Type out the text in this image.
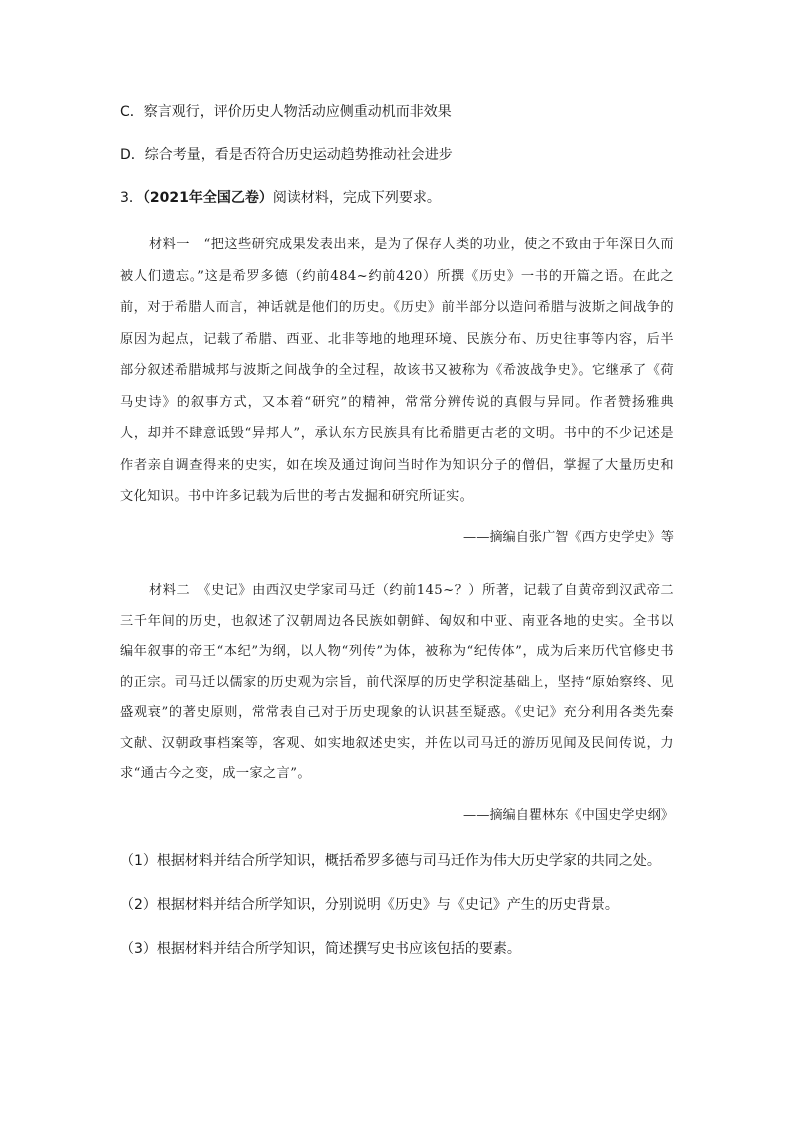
C．察言观行，评价历史人物活动应侧重动机而非效果
D．综合考量，看是否符合历史运动趋势推动社会进步
3．（2021年全国乙卷）阅读材料，完成下列要求。
材料一　“把这些研究成果发表出来，是为了保存人类的功业，使之不致由于年深日久而被人们遗忘。”这是希罗多德（约前484~约前420）所撰《历史》一书的开篇之语。在此之前，对于希腊人而言，神话就是他们的历史。《历史》前半部分以造问希腊与波斯之间战争的原因为起点，记载了希腊、西亚、北非等地的地理环境、民族分布、历史往事等内容，后半部分叙述希腊城邦与波斯之间战争的全过程，故该书又被称为《希波战争史》。它继承了《荷马史诗》的叙事方式，又本着“研究”的精神，常常分辨传说的真假与异同。作者赞扬雅典人，却并不肆意诋毁“异邦人”，承认东方民族具有比希腊更古老的文明。书中的不少记述是作者亲自调查得来的史实，如在埃及通过询问当时作为知识分子的僧侣，掌握了大量历史和文化知识。书中许多记载为后世的考古发掘和研究所证实。
——摘编自张广智《西方史学史》等
材料二　《史记》由西汉史学家司马迁（约前145~？）所著，记载了自黄帝到汉武帝二三千年间的历史，也叙述了汉朝周边各民族如朝鲜、匈奴和中亚、南亚各地的史实。全书以编年叙事的帝王“本纪”为纲，以人物“列传”为体，被称为“纪传体”，成为后来历代官修史书的正宗。司马迁以儒家的历史观为宗旨，前代深厚的历史学积淀基础上，坚持“原始察终、见盛观衰”的著史原则，常常表自己对于历史现象的认识甚至疑惑。《史记》充分利用各类先秦文献、汉朝政事档案等，客观、如实地叙述史实，并佐以司马迁的游历见闻及民间传说，力求“通古今之变，成一家之言”。
——摘编自瞿林东《中国史学史纲》
（1）根据材料并结合所学知识，概括希罗多德与司马迁作为伟大历史学家的共同之处。
（2）根据材料并结合所学知识，分别说明《历史》与《史记》产生的历史背景。
（3）根据材料并结合所学知识，简述撰写史书应该包括的要素。
